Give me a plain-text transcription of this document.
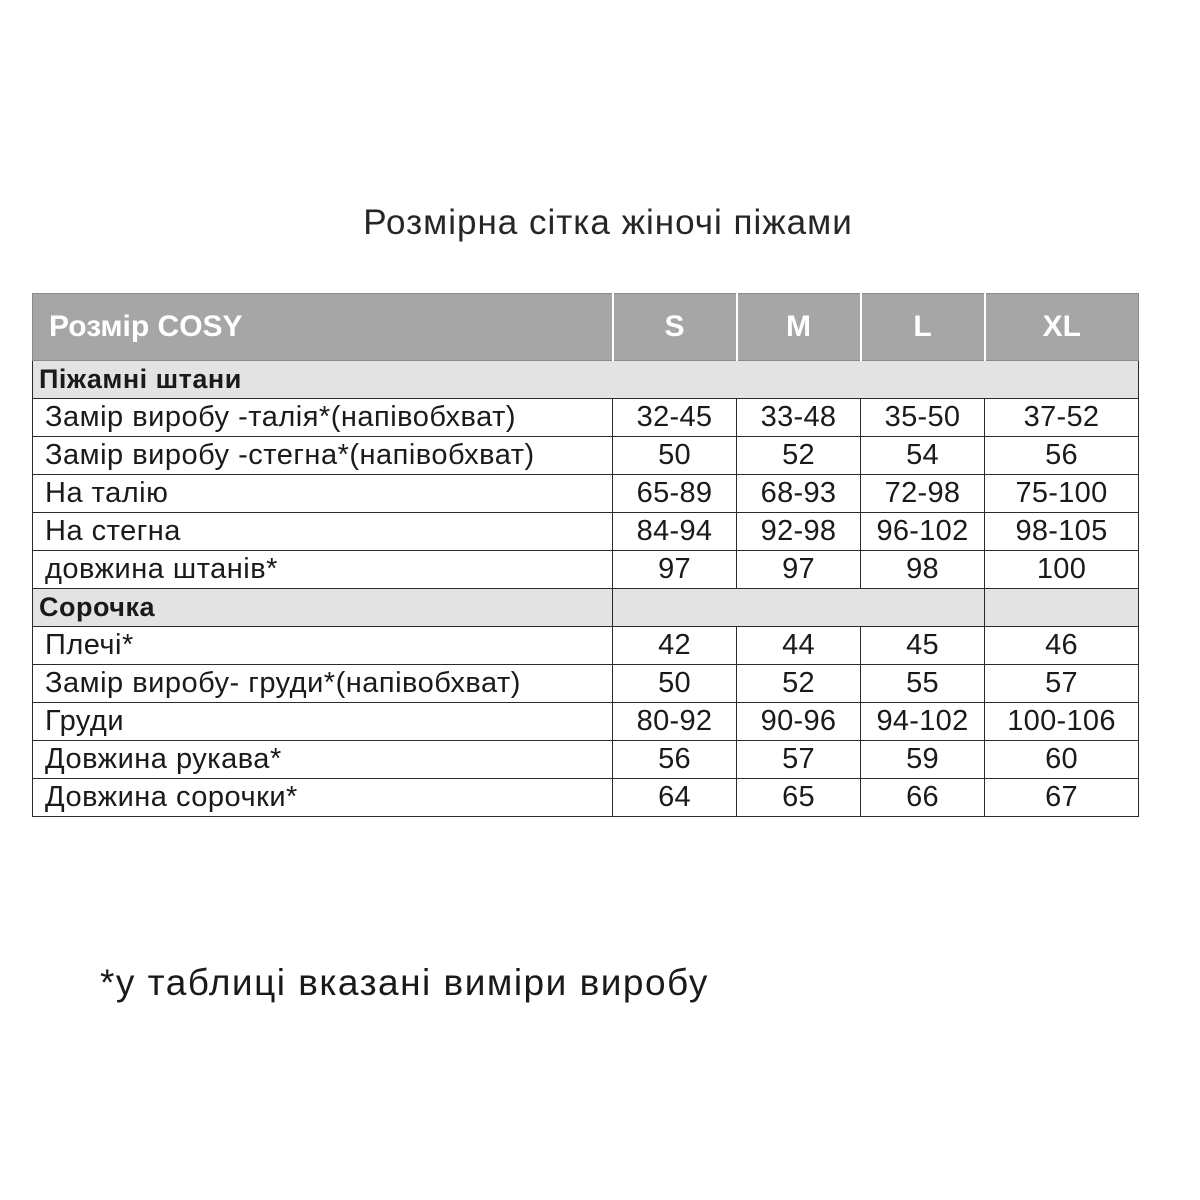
Розмірна сітка жіночі піжами
Розмір COSY	S	M	L	XL
Піжамні штани				
Замір виробу -талія*(напівобхват)	32-45	33-48	35-50	37-52
Замір виробу -стегна*(напівобхват)	50	52	54	56
На талію	65-89	68-93	72-98	75-100
На стегна	84-94	92-98	96-102	98-105
довжина штанів*	97	97	98	100
Сорочка				
Плечі*	42	44	45	46
Замір виробу- груди*(напівобхват)	50	52	55	57
Груди	80-92	90-96	94-102	100-106
Довжина рукава*	56	57	59	60
Довжина сорочки*	64	65	66	67
*у таблиці вказані виміри виробу
